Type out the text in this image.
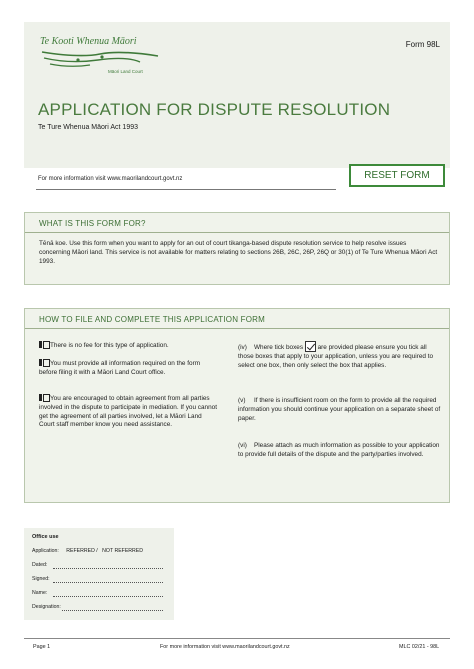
Te Kooti Whenua Māori
Māori Land Court
Form 98L
APPLICATION FOR DISPUTE RESOLUTION
Te Ture Whenua Māori Act 1993
For more information visit www.maorilandcourt.govt.nz	RESET FORM
WHAT IS THIS FORM FOR?
Tēnā koe. Use this form when you want to apply for an out of court tikanga-based dispute resolution service to help resolve issues concerning Māori land. This service is not available for matters relating to sections 26B, 26C, 26P, 26Q or 30(1) of Te Ture Whenua Māori Act 1993.
HOW TO FILE AND COMPLETE THIS APPLICATION FORM
There is no fee for this type of application.
You must provide all information required on the form before filing it with a Māori Land Court office.
You are encouraged to obtain agreement from all parties involved in the dispute to participate in mediation. If you cannot get the agreement of all parties involved, let a Māori Land Court staff member know you need assistance.
(iv) Where tick boxes are provided please ensure you tick all those boxes that apply to your application, unless you are required to select one box, then only select the box that applies.
(v) If there is insufficient room on the form to provide all the required information you should continue your application on a separate sheet of paper.
(vi) Please attach as much information as possible to your application to provide full details of the dispute and the party/parties involved.
Office use
Application: REFERRED / NOT REFERRED
Dated:
Signed:
Name:
Designation:
Page 1	For more information visit www.maorilandcourt.govt.nz	MLC 02/21 - 98L
